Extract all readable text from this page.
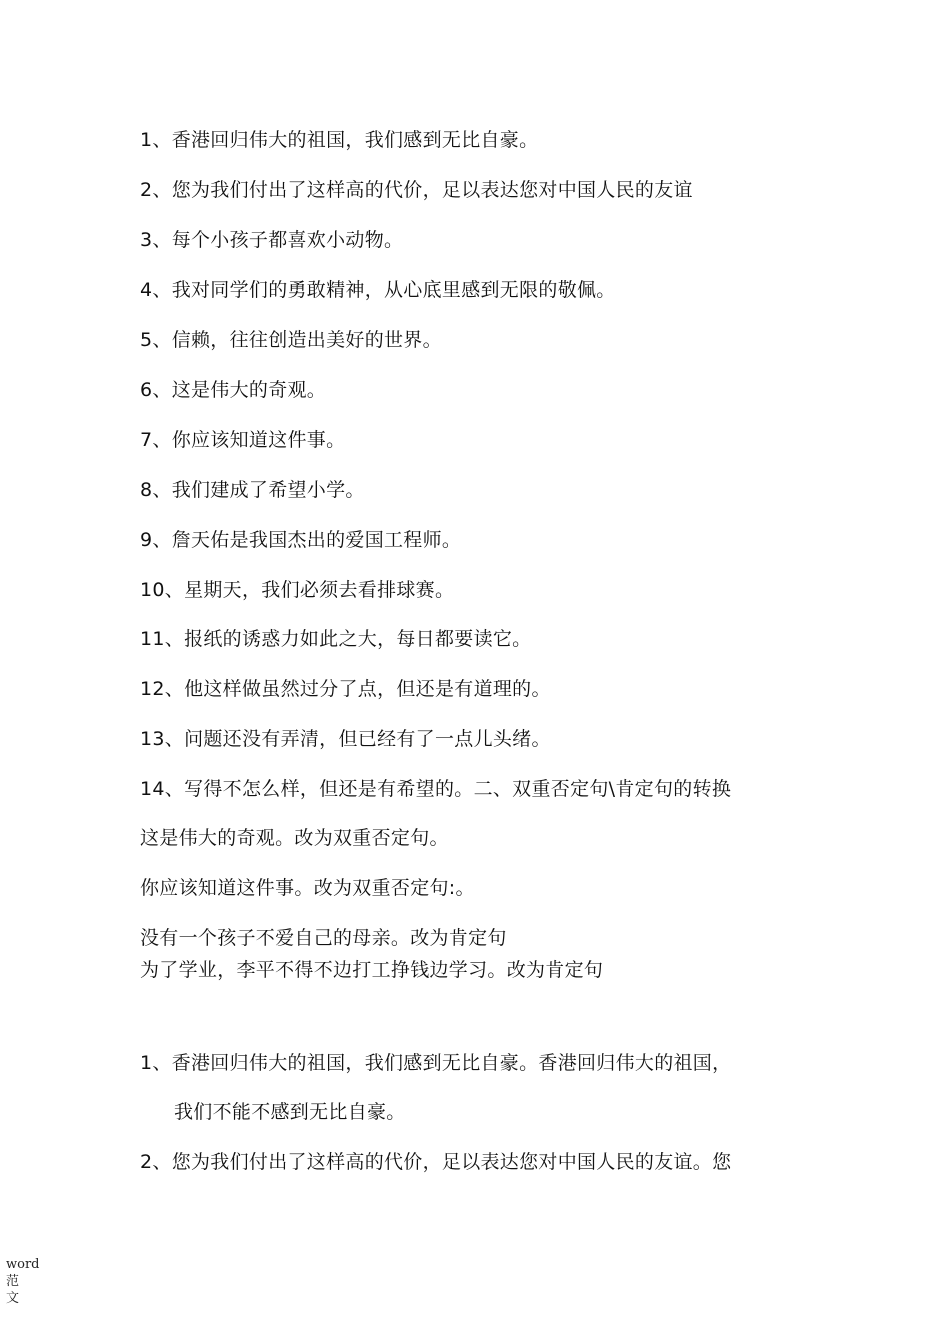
1、香港回归伟大的祖国，我们感到无比自豪。
2、您为我们付出了这样高的代价，足以表达您对中国人民的友谊
3、每个小孩子都喜欢小动物。
4、我对同学们的勇敢精神，从心底里感到无限的敬佩。
5、信赖，往往创造出美好的世界。
6、这是伟大的奇观。
7、你应该知道这件事。
8、我们建成了希望小学。
9、詹天佑是我国杰出的爱国工程师。
10、星期天，我们必须去看排球赛。
11、报纸的诱惑力如此之大，每日都要读它。
12、他这样做虽然过分了点，但还是有道理的。
13、问题还没有弄清，但已经有了一点儿头绪。
14、写得不怎么样，但还是有希望的。二、双重否定句\肯定句的转换
这是伟大的奇观。改为双重否定句。
你应该知道这件事。改为双重否定句:。
没有一个孩子不爱自己的母亲。改为肯定句
为了学业，李平不得不边打工挣钱边学习。改为肯定句
1、香港回归伟大的祖国，我们感到无比自豪。香港回归伟大的祖国，
我们不能不感到无比自豪。
2、您为我们付出了这样高的代价，足以表达您对中国人民的友谊。您
word 范
文
